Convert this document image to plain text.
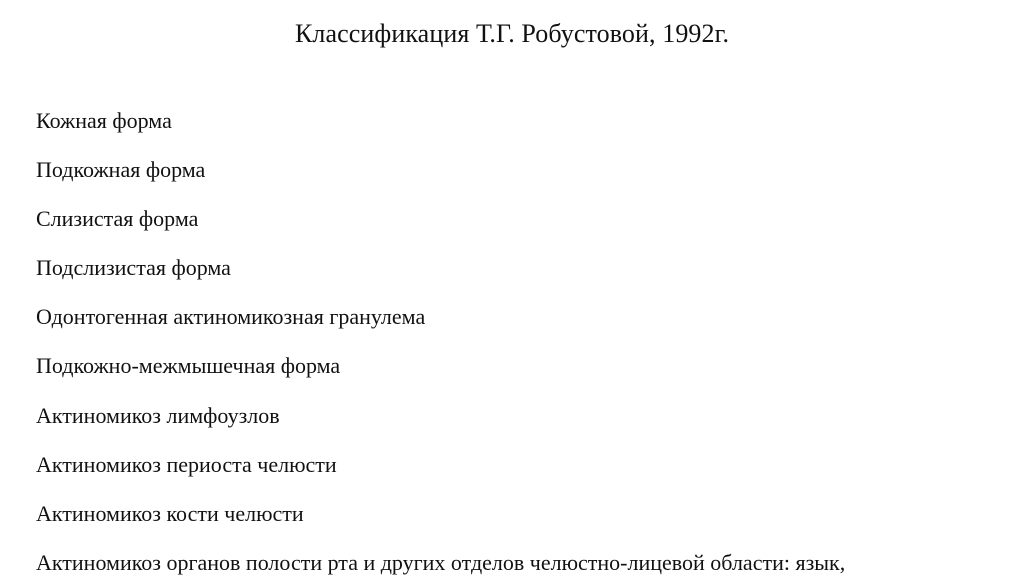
Классификация Т.Г. Робустовой, 1992г.
Кожная форма
Подкожная форма
Слизистая форма
Подслизистая форма
Одонтогенная актиномикозная гранулема
Подкожно-межмышечная форма
Актиномикоз лимфоузлов
Актиномикоз периоста челюсти
Актиномикоз кости челюсти
Актиномикоз органов полости рта и других отделов челюстно-лицевой области: язык,
